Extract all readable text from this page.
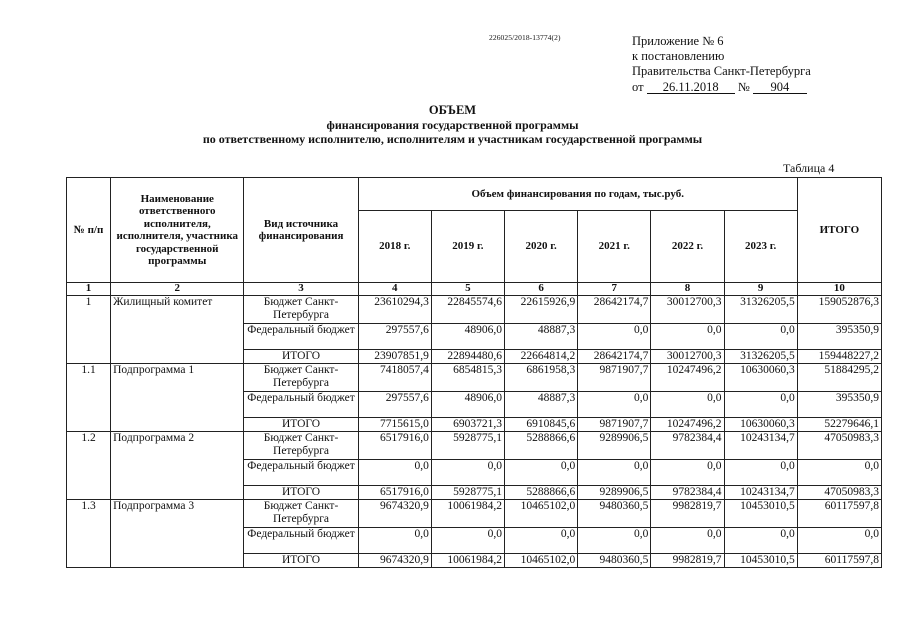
226025/2018-13774(2)	Приложение № 6
к постановлению
Правительства Санкт-Петербурга
от 26.11.2018 № 904
ОБЪЕМ
финансирования государственной программы
по ответственному исполнителю, исполнителям и участникам государственной программы
Таблица 4
№ п/п	Наименование ответственного исполнителя, исполнителя, участника государственной программы	Вид источника финансирования	Объем финансирования по годам, тыс.руб.						ИТОГО
			2018 г.	2019 г.	2020 г.	2021 г.	2022 г.	2023 г.	
1	2	3	4	5	6	7	8	9	10
1	Жилищный комитет	Бюджет Санкт-Петербурга	23610294,3	22845574,6	22615926,9	28642174,7	30012700,3	31326205,5	159052876,3
		Федеральный бюджет	297557,6	48906,0	48887,3	0,0	0,0	0,0	395350,9
		ИТОГО	23907851,9	22894480,6	22664814,2	28642174,7	30012700,3	31326205,5	159448227,2
1.1	Подпрограмма 1	Бюджет Санкт-Петербурга	7418057,4	6854815,3	6861958,3	9871907,7	10247496,2	10630060,3	51884295,2
		Федеральный бюджет	297557,6	48906,0	48887,3	0,0	0,0	0,0	395350,9
		ИТОГО	7715615,0	6903721,3	6910845,6	9871907,7	10247496,2	10630060,3	52279646,1
1.2	Подпрограмма 2	Бюджет Санкт-Петербурга	6517916,0	5928775,1	5288866,6	9289906,5	9782384,4	10243134,7	47050983,3
		Федеральный бюджет	0,0	0,0	0,0	0,0	0,0	0,0	0,0
		ИТОГО	6517916,0	5928775,1	5288866,6	9289906,5	9782384,4	10243134,7	47050983,3
1.3	Подпрограмма 3	Бюджет Санкт-Петербурга	9674320,9	10061984,2	10465102,0	9480360,5	9982819,7	10453010,5	60117597,8
		Федеральный бюджет	0,0	0,0	0,0	0,0	0,0	0,0	0,0
		ИТОГО	9674320,9	10061984,2	10465102,0	9480360,5	9982819,7	10453010,5	60117597,8
